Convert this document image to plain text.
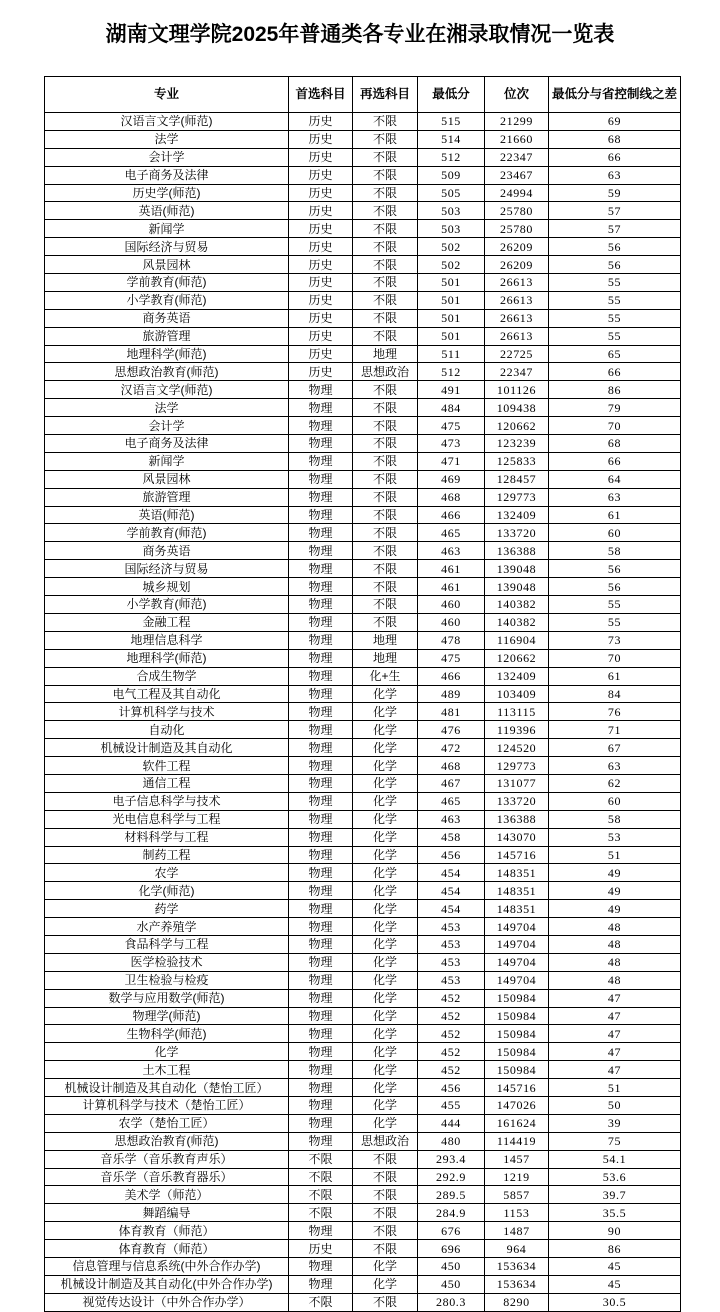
湖南文理学院2025年普通类各专业在湘录取情况一览表
专业	首选科目	再选科目	最低分	位次	最低分与省控制线之差
汉语言文学(师范)	历史	不限	515	21299	69
法学	历史	不限	514	21660	68
会计学	历史	不限	512	22347	66
电子商务及法律	历史	不限	509	23467	63
历史学(师范)	历史	不限	505	24994	59
英语(师范)	历史	不限	503	25780	57
新闻学	历史	不限	503	25780	57
国际经济与贸易	历史	不限	502	26209	56
风景园林	历史	不限	502	26209	56
学前教育(师范)	历史	不限	501	26613	55
小学教育(师范)	历史	不限	501	26613	55
商务英语	历史	不限	501	26613	55
旅游管理	历史	不限	501	26613	55
地理科学(师范)	历史	地理	511	22725	65
思想政治教育(师范)	历史	思想政治	512	22347	66
汉语言文学(师范)	物理	不限	491	101126	86
法学	物理	不限	484	109438	79
会计学	物理	不限	475	120662	70
电子商务及法律	物理	不限	473	123239	68
新闻学	物理	不限	471	125833	66
风景园林	物理	不限	469	128457	64
旅游管理	物理	不限	468	129773	63
英语(师范)	物理	不限	466	132409	61
学前教育(师范)	物理	不限	465	133720	60
商务英语	物理	不限	463	136388	58
国际经济与贸易	物理	不限	461	139048	56
城乡规划	物理	不限	461	139048	56
小学教育(师范)	物理	不限	460	140382	55
金融工程	物理	不限	460	140382	55
地理信息科学	物理	地理	478	116904	73
地理科学(师范)	物理	地理	475	120662	70
合成生物学	物理	化+生	466	132409	61
电气工程及其自动化	物理	化学	489	103409	84
计算机科学与技术	物理	化学	481	113115	76
自动化	物理	化学	476	119396	71
机械设计制造及其自动化	物理	化学	472	124520	67
软件工程	物理	化学	468	129773	63
通信工程	物理	化学	467	131077	62
电子信息科学与技术	物理	化学	465	133720	60
光电信息科学与工程	物理	化学	463	136388	58
材料科学与工程	物理	化学	458	143070	53
制药工程	物理	化学	456	145716	51
农学	物理	化学	454	148351	49
化学(师范)	物理	化学	454	148351	49
药学	物理	化学	454	148351	49
水产养殖学	物理	化学	453	149704	48
食品科学与工程	物理	化学	453	149704	48
医学检验技术	物理	化学	453	149704	48
卫生检验与检疫	物理	化学	453	149704	48
数学与应用数学(师范)	物理	化学	452	150984	47
物理学(师范)	物理	化学	452	150984	47
生物科学(师范)	物理	化学	452	150984	47
化学	物理	化学	452	150984	47
土木工程	物理	化学	452	150984	47
机械设计制造及其自动化（楚怡工匠）	物理	化学	456	145716	51
计算机科学与技术（楚怡工匠）	物理	化学	455	147026	50
农学（楚怡工匠）	物理	化学	444	161624	39
思想政治教育(师范)	物理	思想政治	480	114419	75
音乐学（音乐教育声乐）	不限	不限	293.4	1457	54.1
音乐学（音乐教育器乐）	不限	不限	292.9	1219	53.6
美术学（师范）	不限	不限	289.5	5857	39.7
舞蹈编导	不限	不限	284.9	1153	35.5
体育教育（师范）	物理	不限	676	1487	90
体育教育（师范）	历史	不限	696	964	86
信息管理与信息系统(中外合作办学)	物理	化学	450	153634	45
机械设计制造及其自动化(中外合作办学)	物理	化学	450	153634	45
视觉传达设计（中外合作办学）	不限	不限	280.3	8290	30.5
